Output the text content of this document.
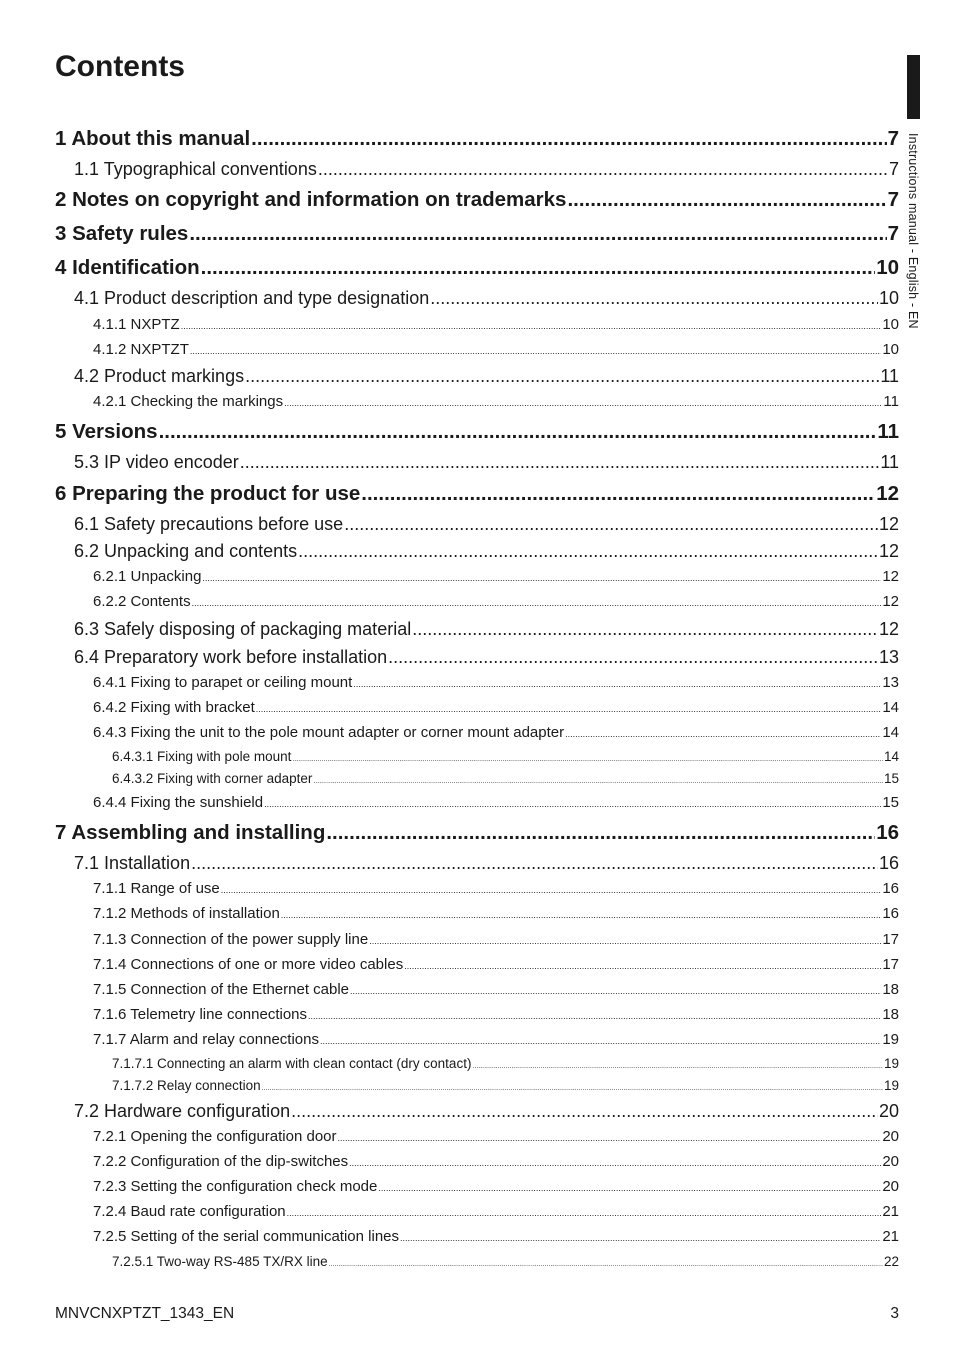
Contents
Instructions manual - English - EN
1 About this manual .....	7
1.1 Typographical conventions .....	7
2 Notes on copyright and information on trademarks .....	7
3 Safety rules .....	7
4 Identification .....	10
4.1 Product description and type designation .....	10
4.1.1 NXPTZ .....	10
4.1.2 NXPTZT .....	10
4.2 Product markings .....	11
4.2.1 Checking the markings .....	11
5 Versions .....	11
5.3 IP video encoder .....	11
6 Preparing the product for use .....	12
6.1 Safety precautions before use .....	12
6.2 Unpacking and contents .....	12
6.2.1 Unpacking .....	12
6.2.2 Contents .....	12
6.3 Safely disposing of packaging material .....	12
6.4 Preparatory work before installation .....	13
6.4.1 Fixing to parapet or ceiling mount .....	13
6.4.2 Fixing with bracket .....	14
6.4.3 Fixing the unit to the pole mount adapter or corner mount adapter .....	14
6.4.3.1 Fixing with pole mount .....	14
6.4.3.2 Fixing with corner adapter .....	15
6.4.4 Fixing the sunshield .....	15
7 Assembling and installing .....	16
7.1 Installation .....	16
7.1.1 Range of use .....	16
7.1.2 Methods of installation .....	16
7.1.3 Connection of the power supply line .....	17
7.1.4 Connections of one or more video cables .....	17
7.1.5 Connection of the Ethernet cable .....	18
7.1.6 Telemetry line connections .....	18
7.1.7 Alarm and relay connections .....	19
7.1.7.1 Connecting an alarm with clean contact (dry contact) .....	19
7.1.7.2 Relay connection .....	19
7.2 Hardware configuration .....	20
7.2.1 Opening the configuration door .....	20
7.2.2 Configuration of the dip-switches .....	20
7.2.3 Setting the configuration check mode .....	20
7.2.4 Baud rate configuration .....	21
7.2.5 Setting of the serial communication lines .....	21
7.2.5.1 Two-way RS-485 TX/RX line .....	22
MNVCNXPTZT_1343_EN	3
